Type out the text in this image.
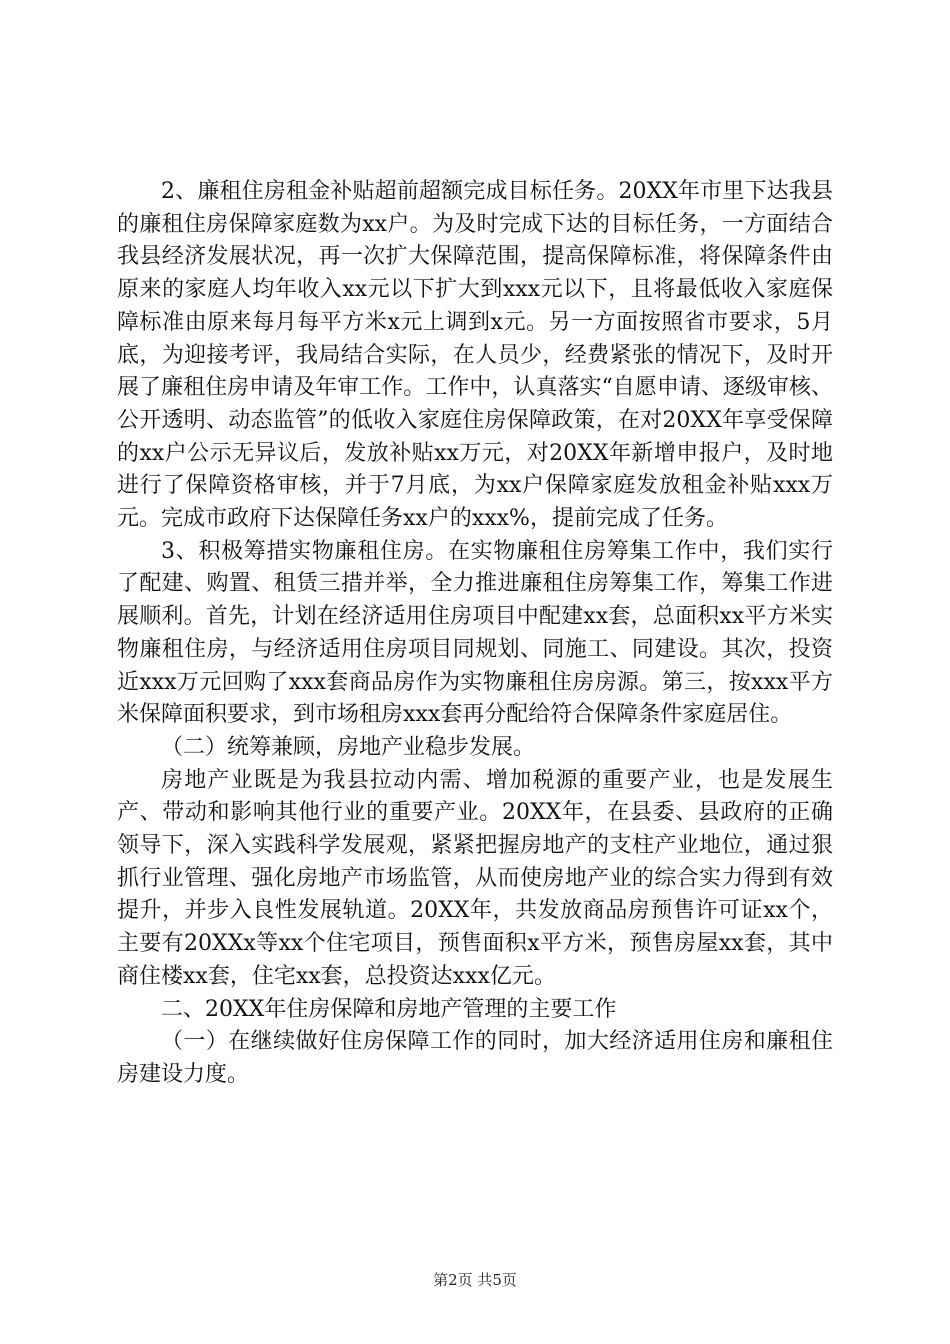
2、廉租住房租金补贴超前超额完成目标任务。20XX年市里下达我县的廉租住房保障家庭数为xx户。为及时完成下达的目标任务，一方面结合我县经济发展状况，再一次扩大保障范围，提高保障标准，将保障条件由原来的家庭人均年收入xx元以下扩大到xxx元以下，且将最低收入家庭保障标准由原来每月每平方米x元上调到x元。另一方面按照省市要求，5月底，为迎接考评，我局结合实际，在人员少，经费紧张的情况下，及时开展了廉租住房申请及年审工作。工作中，认真落实“自愿申请、逐级审核、公开透明、动态监管”的低收入家庭住房保障政策，在对20XX年享受保障的xx户公示无异议后，发放补贴xx万元，对20XX年新增申报户，及时地进行了保障资格审核，并于7月底，为xx户保障家庭发放租金补贴xxx万元。完成市政府下达保障任务xx户的xxx%，提前完成了任务。

3、积极筹措实物廉租住房。在实物廉租住房筹集工作中，我们实行了配建、购置、租赁三措并举，全力推进廉租住房筹集工作，筹集工作进展顺利。首先，计划在经济适用住房项目中配建xx套，总面积xx平方米实物廉租住房，与经济适用住房项目同规划、同施工、同建设。其次，投资近xxx万元回购了xxx套商品房作为实物廉租住房房源。第三，按xxx平方米保障面积要求，到市场租房xxx套再分配给符合保障条件家庭居住。

（二）统筹兼顾，房地产业稳步发展。

房地产业既是为我县拉动内需、增加税源的重要产业，也是发展生产、带动和影响其他行业的重要产业。20XX年，在县委、县政府的正确领导下，深入实践科学发展观，紧紧把握房地产的支柱产业地位，通过狠抓行业管理、强化房地产市场监管，从而使房地产业的综合实力得到有效提升，并步入良性发展轨道。20XX年，共发放商品房预售许可证xx个，主要有20XXx等xx个住宅项目，预售面积x平方米，预售房屋xx套，其中商住楼xx套，住宅xx套，总投资达xxx亿元。

二、20XX年住房保障和房地产管理的主要工作

（一）在继续做好住房保障工作的同时，加大经济适用住房和廉租住房建设力度。

第2页 共5页
